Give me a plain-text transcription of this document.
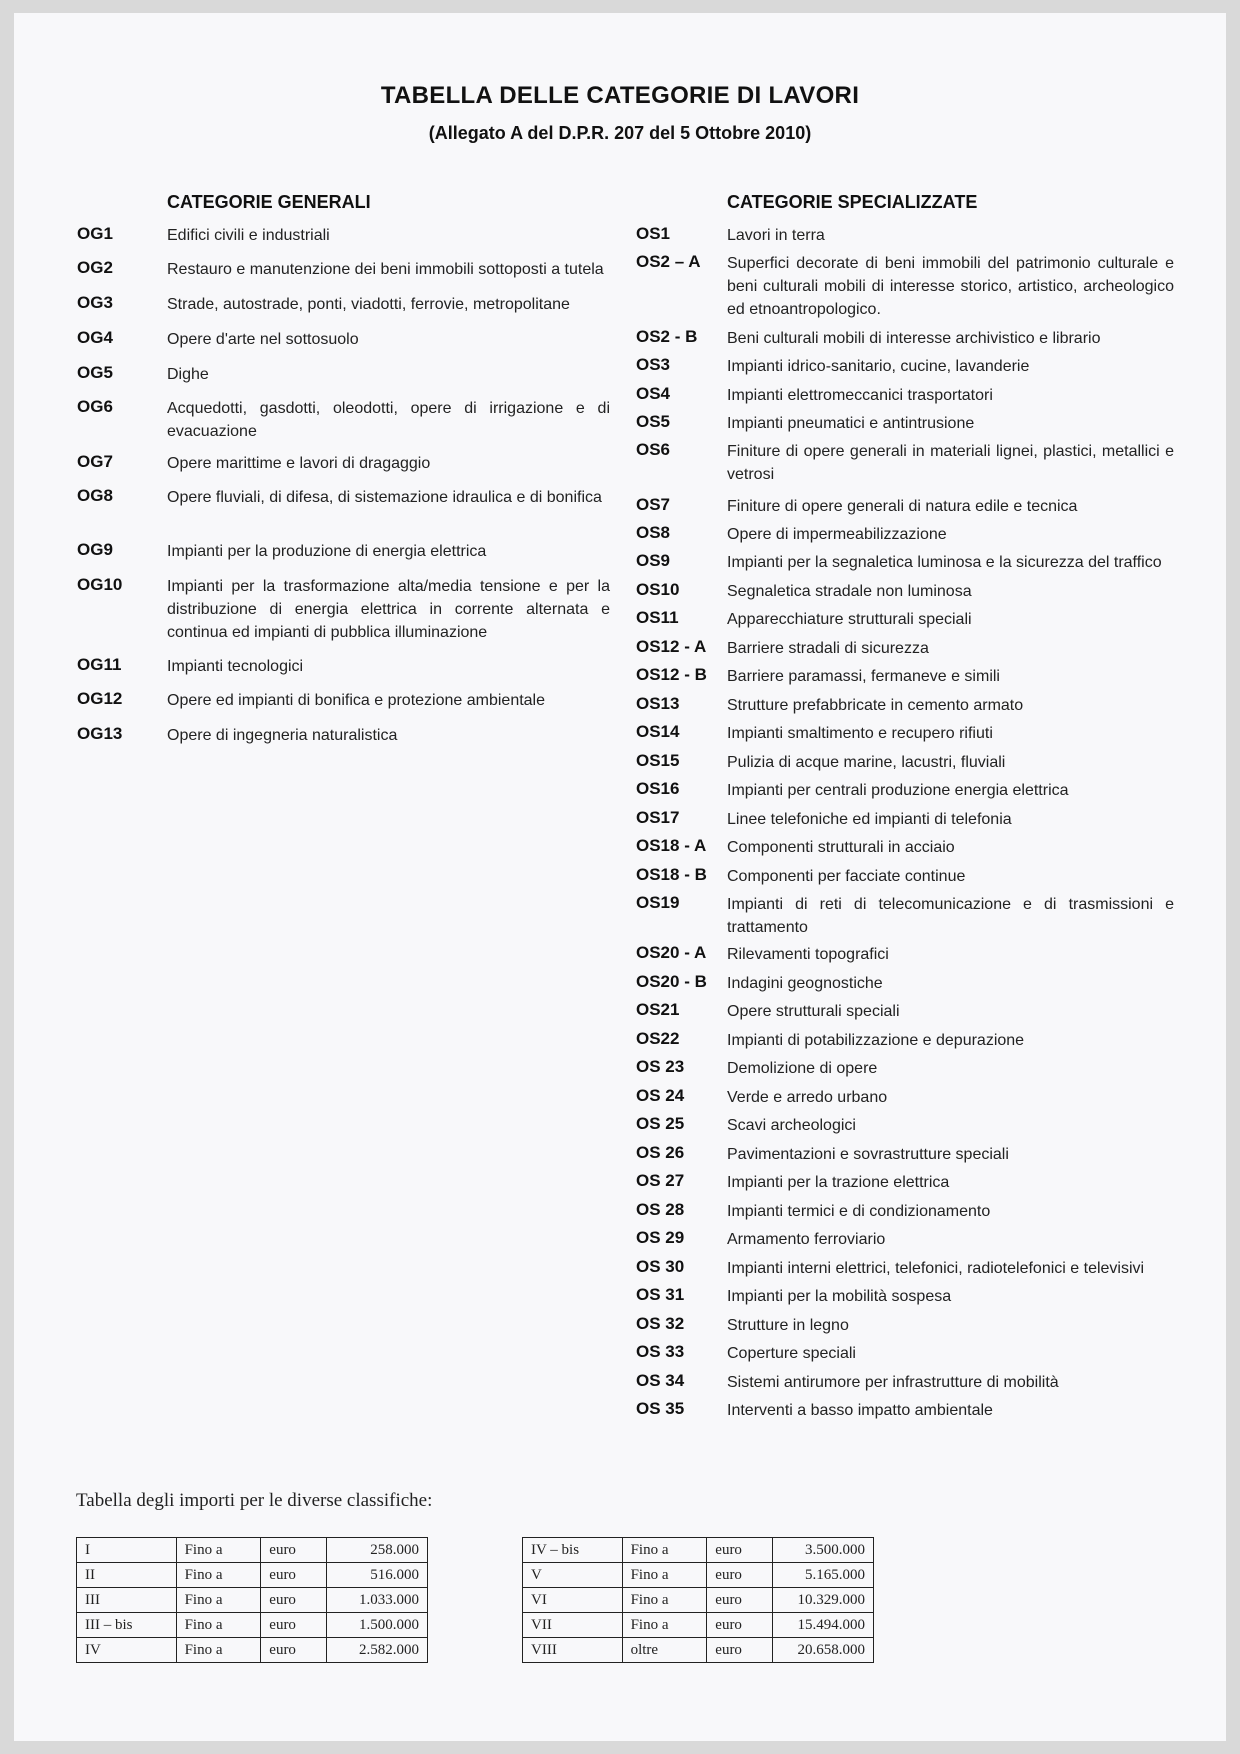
TABELLA DELLE CATEGORIE DI LAVORI
(Allegato A del D.P.R. 207 del 5 Ottobre 2010)
CATEGORIE GENERALI	CATEGORIE SPECIALIZZATE
OG1	Edifici civili e industriali
OG2	Restauro e manutenzione dei beni immobili sottoposti a tutela
OG3	Strade, autostrade, ponti, viadotti, ferrovie, metropolitane
OG4	Opere d'arte nel sottosuolo
OG5	Dighe
OG6	Acquedotti, gasdotti, oleodotti, opere di irrigazione e di evacuazione
OG7	Opere marittime e lavori di dragaggio
OG8	Opere fluviali, di difesa, di sistemazione idraulica e di bonifica
OG9	Impianti per la produzione di energia elettrica
OG10	Impianti per la trasformazione alta/media tensione e per la distribuzione di energia elettrica in corrente alternata e continua ed impianti di pubblica illuminazione
OG11	Impianti tecnologici
OG12	Opere ed impianti di bonifica e protezione ambientale
OG13	Opere di ingegneria naturalistica
OS1	Lavori in terra
OS2 – A	Superfici decorate di beni immobili del patrimonio culturale e beni culturali mobili di interesse storico, artistico, archeologico ed etnoantropologico.
OS2 - B	Beni culturali mobili di interesse archivistico e librario
OS3	Impianti idrico-sanitario, cucine, lavanderie
OS4	Impianti elettromeccanici trasportatori
OS5	Impianti pneumatici e antintrusione
OS6	Finiture di opere generali in materiali lignei, plastici, metallici e vetrosi
OS7	Finiture di opere generali di natura edile e tecnica
OS8	Opere di impermeabilizzazione
OS9	Impianti per la segnaletica luminosa e la sicurezza del traffico
OS10	Segnaletica stradale non luminosa
OS11	Apparecchiature strutturali speciali
OS12 - A	Barriere stradali di sicurezza
OS12 - B	Barriere paramassi, fermaneve e simili
OS13	Strutture prefabbricate in cemento armato
OS14	Impianti smaltimento e recupero rifiuti
OS15	Pulizia di acque marine, lacustri, fluviali
OS16	Impianti per centrali produzione energia elettrica
OS17	Linee telefoniche ed impianti di telefonia
OS18 - A	Componenti strutturali in acciaio
OS18 - B	Componenti per facciate continue
OS19	Impianti di reti di telecomunicazione e di trasmissioni e trattamento
OS20 - A	Rilevamenti topografici
OS20 - B	Indagini geognostiche
OS21	Opere strutturali speciali
OS22	Impianti di potabilizzazione e depurazione
OS 23	Demolizione di opere
OS 24	Verde e arredo urbano
OS 25	Scavi archeologici
OS 26	Pavimentazioni e sovrastrutture speciali
OS 27	Impianti per la trazione elettrica
OS 28	Impianti termici e di condizionamento
OS 29	Armamento ferroviario
OS 30	Impianti interni elettrici, telefonici, radiotelefonici e televisivi
OS 31	Impianti per la mobilità sospesa
OS 32	Strutture in legno
OS 33	Coperture speciali
OS 34	Sistemi antirumore per infrastrutture di mobilità
OS 35	Interventi a basso impatto ambientale
Tabella degli importi per le diverse classifiche:
I	Fino a	euro	258.000
II	Fino a	euro	516.000
III	Fino a	euro	1.033.000
III – bis	Fino a	euro	1.500.000
IV	Fino a	euro	2.582.000
IV – bis	Fino a	euro	3.500.000
V	Fino a	euro	5.165.000
VI	Fino a	euro	10.329.000
VII	Fino a	euro	15.494.000
VIII	oltre	euro	20.658.000
